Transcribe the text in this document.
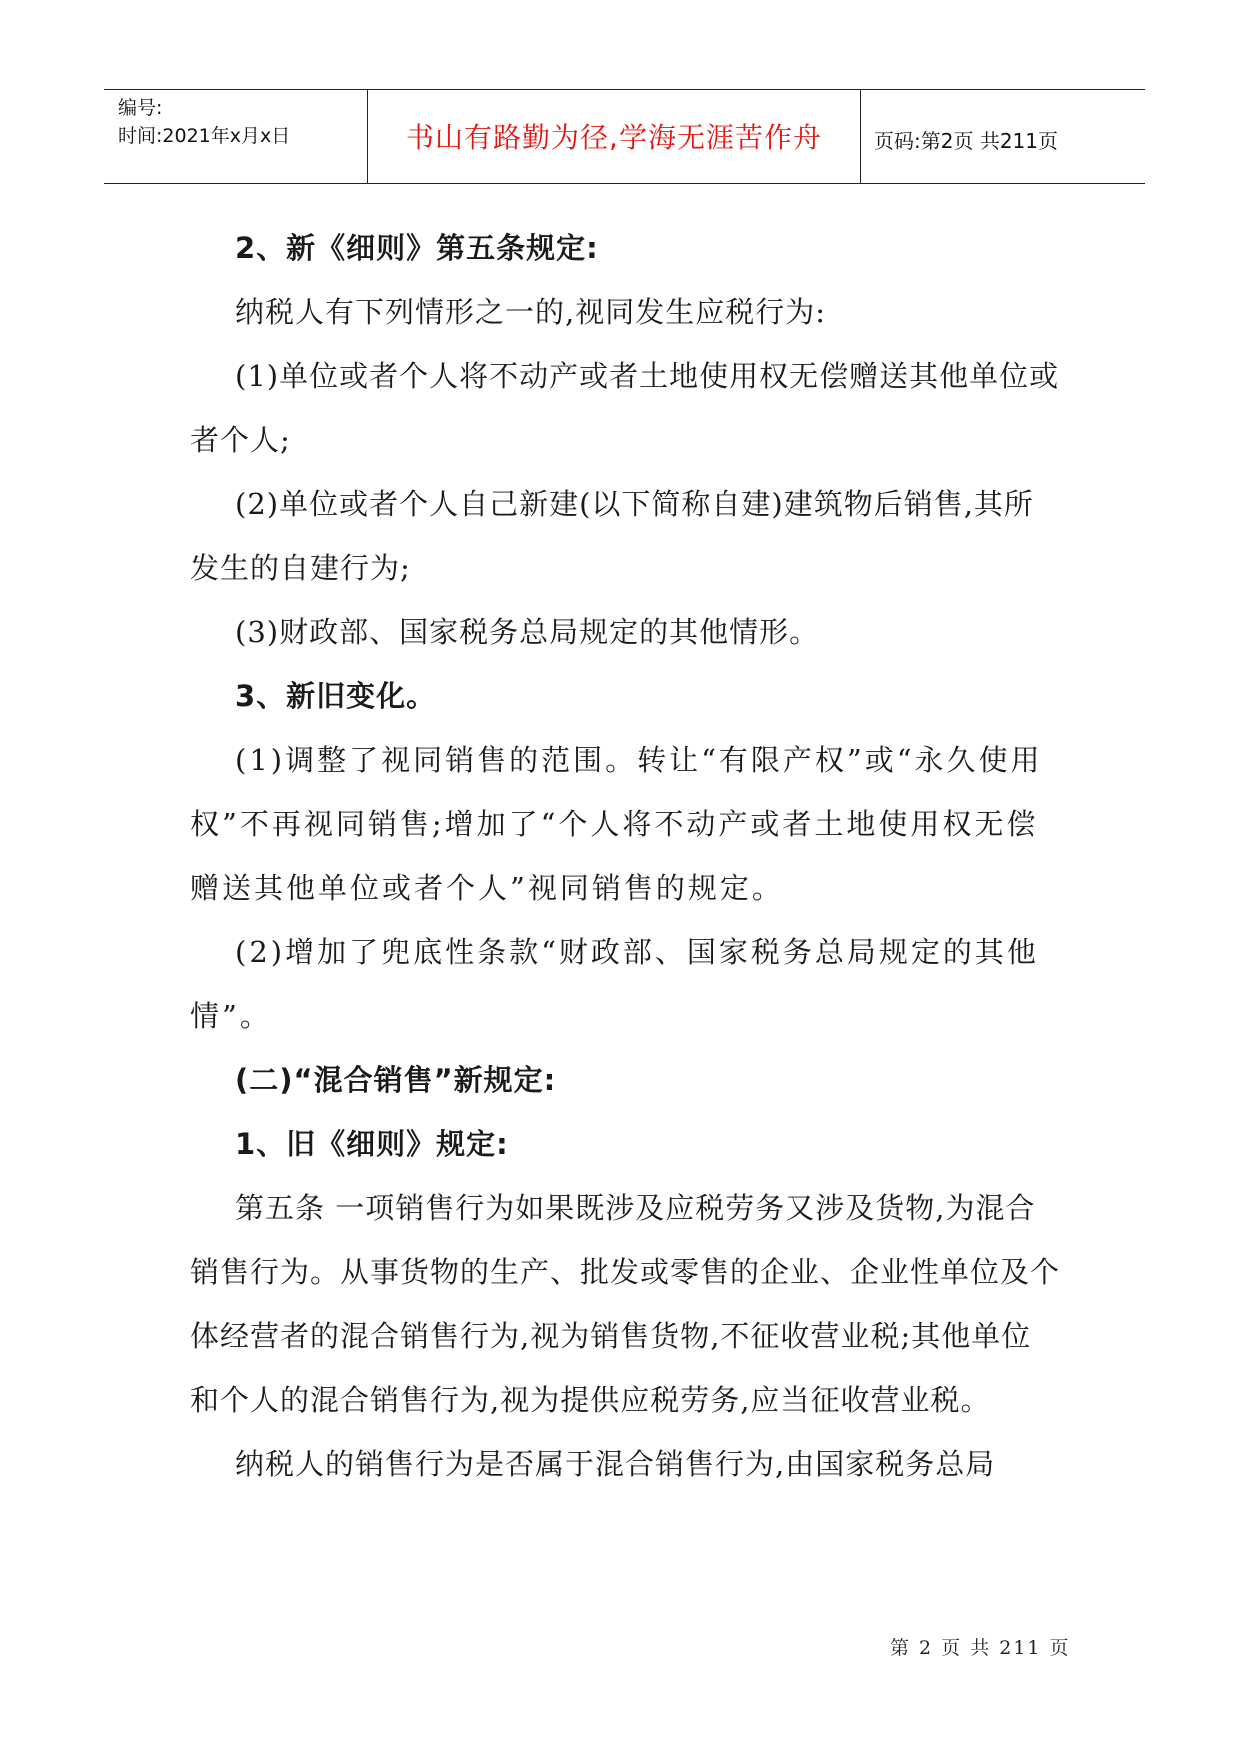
编号:
时间:2021年x月x日	书山有路勤为径,学海无涯苦作舟	页码:第2页 共211页

2、新《细则》第五条规定:

纳税人有下列情形之一的,视同发生应税行为:

(1)单位或者个人将不动产或者土地使用权无偿赠送其他单位或者个人;

(2)单位或者个人自己新建(以下简称自建)建筑物后销售,其所发生的自建行为;

(3)财政部、国家税务总局规定的其他情形。

3、新旧变化。

(1)调整了视同销售的范围。转让“有限产权”或“永久使用权”不再视同销售;增加了“个人将不动产或者土地使用权无偿赠送其他单位或者个人”视同销售的规定。

(2)增加了兜底性条款“财政部、国家税务总局规定的其他情”。

(二)“混合销售”新规定:

1、旧《细则》规定:

第五条 一项销售行为如果既涉及应税劳务又涉及货物,为混合销售行为。从事货物的生产、批发或零售的企业、企业性单位及个体经营者的混合销售行为,视为销售货物,不征收营业税;其他单位和个人的混合销售行为,视为提供应税劳务,应当征收营业税。

纳税人的销售行为是否属于混合销售行为,由国家税务总局

第 2 页 共 211 页
